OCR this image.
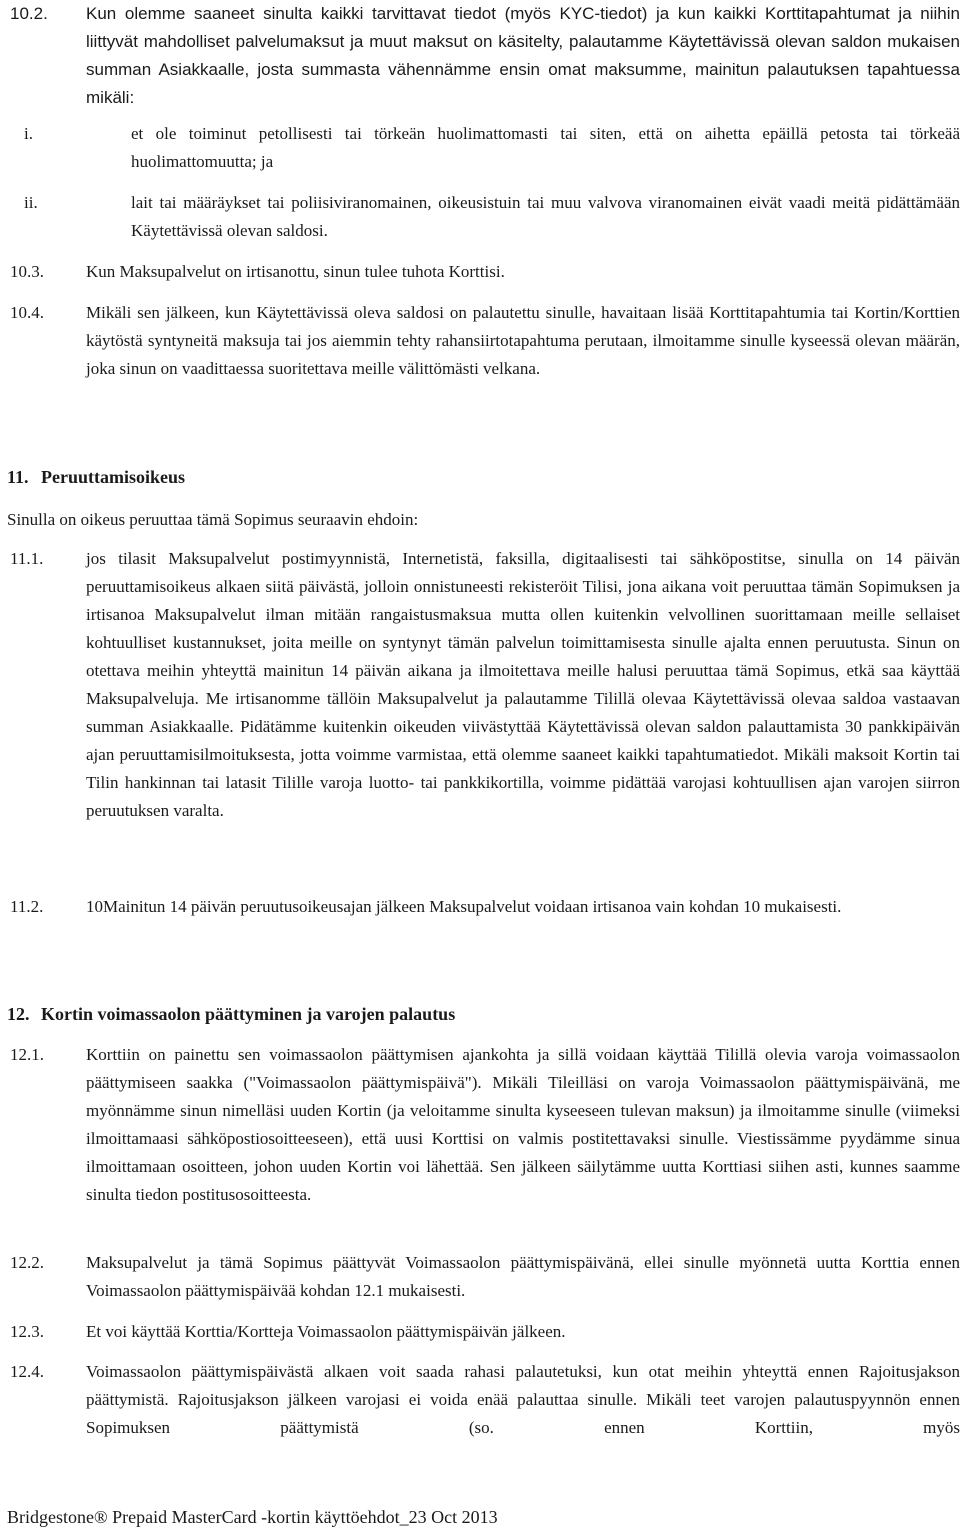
10.2. Kun olemme saaneet sinulta kaikki tarvittavat tiedot (myös KYC-tiedot) ja kun kaikki Korttitapahtumat ja niihin liittyvät mahdolliset palvelumaksut ja muut maksut on käsitelty, palautamme Käytettävissä olevan saldon mukaisen summan Asiakkaalle, josta summasta vähennämme ensin omat maksumme, mainitun palautuksen tapahtuessa mikäli:
i.	et ole toiminut petollisesti tai törkeän huolimattomasti tai siten, että on aihetta epäillä petosta tai törkeää huolimattomuutta; ja
ii.	lait tai määräykset tai poliisiviranomainen, oikeusistuin tai muu valvova viranomainen eivät vaadi meitä pidättämään Käytettävissä olevan saldosi.
10.3. Kun Maksupalvelut on irtisanottu, sinun tulee tuhota Korttisi.
10.4. Mikäli sen jälkeen, kun Käytettävissä oleva saldosi on palautettu sinulle, havaitaan lisää Korttitapahtumia tai Kortin/Korttien käytöstä syntyneitä maksuja tai jos aiemmin tehty rahansiirtotapahtuma perutaan, ilmoitamme sinulle kyseessä olevan määrän, joka sinun on vaadittaessa suoritettava meille välittömästi velkana.
11. Peruuttamisoikeus
Sinulla on oikeus peruuttaa tämä Sopimus seuraavin ehdoin:
11.1.	jos tilasit Maksupalvelut postimyynnistä, Internetistä, faksilla, digitaalisesti tai sähköpostitse, sinulla on 14 päivän peruuttamisoikeus alkaen siitä päivästä, jolloin onnistuneesti rekisteröit Tilisi, jona aikana voit peruuttaa tämän Sopimuksen ja irtisanoa Maksupalvelut ilman mitään rangaistusmaksua mutta ollen kuitenkin velvollinen suorittamaan meille sellaiset kohtuulliset kustannukset, joita meille on syntynyt tämän palvelun toimittamisesta sinulle ajalta ennen peruutusta. Sinun on otettava meihin yhteyttä mainitun 14 päivän aikana ja ilmoitettava meille halusi peruuttaa tämä Sopimus, etkä saa käyttää Maksupalveluja. Me irtisanomme tällöin Maksupalvelut ja palautamme Tilillä olevaa Käytettävissä olevaa saldoa vastaavan summan Asiakkaalle. Pidätämme kuitenkin oikeuden viivästyttää Käytettävissä olevan saldon palauttamista 30 pankkipäivän ajan peruuttamisilmoituksesta, jotta voimme varmistaa, että olemme saaneet kaikki tapahtumatiedot. Mikäli maksoit Kortin tai Tilin hankinnan tai latasit Tilille varoja luotto- tai pankkikortilla, voimme pidättää varojasi kohtuullisen ajan varojen siirron peruutuksen varalta.
11.2.	10Mainitun 14 päivän peruutusoikeusajan jälkeen Maksupalvelut voidaan irtisanoa vain kohdan 10 mukaisesti.
12. Kortin voimassaolon päättyminen ja varojen palautus
12.1. Korttiin on painettu sen voimassaolon päättymisen ajankohta ja sillä voidaan käyttää Tilillä olevia varoja voimassaolon päättymiseen saakka ("Voimassaolon päättymispäivä"). Mikäli Tileilläsi on varoja Voimassaolon päättymispäivänä, me myönnämme sinun nimelläsi uuden Kortin (ja veloitamme sinulta kyseeseen tulevan maksun) ja ilmoitamme sinulle (viimeksi ilmoittamaasi sähköpostiosoitteeseen), että uusi Korttisi on valmis postitettavaksi sinulle. Viestissämme pyydämme sinua ilmoittamaan osoitteen, johon uuden Kortin voi lähettää. Sen jälkeen säilytämme uutta Korttiasi siihen asti, kunnes saamme sinulta tiedon postitusosoitteesta.
12.2. Maksupalvelut ja tämä Sopimus päättyvät Voimassaolon päättymispäivänä, ellei sinulle myönnetä uutta Korttia ennen Voimassaolon päättymispäivää kohdan 12.1 mukaisesti.
12.3. Et voi käyttää Korttia/Kortteja Voimassaolon päättymispäivän jälkeen.
12.4. Voimassaolon päättymispäivästä alkaen voit saada rahasi palautetuksi, kun otat meihin yhteyttä ennen Rajoitusjakson päättymistä. Rajoitusjakson jälkeen varojasi ei voida enää palauttaa sinulle. Mikäli teet varojen palautuspyynnön ennen Sopimuksen päättymistä (so. ennen Korttiin, myös
Bridgestone® Prepaid MasterCard -kortin käyttöehdot_23 Oct 2013
